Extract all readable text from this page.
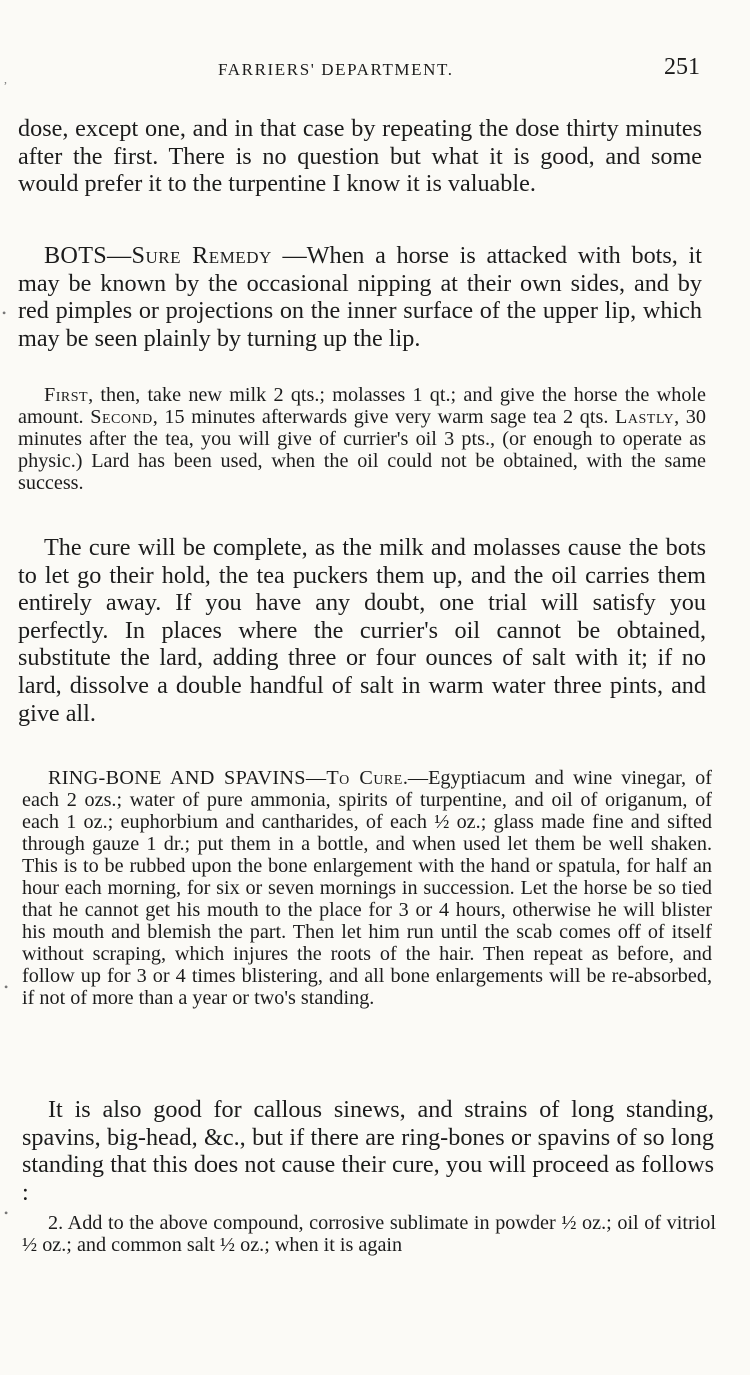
FARRIERS' DEPARTMENT.	251

dose, except one, and in that case by repeating the dose thirty minutes after the first. There is no question but what it is good, and some would prefer it to the turpentine I know it is valuable.

BOTS—Sure Remedy —When a horse is attacked with bots, it may be known by the occasional nipping at their own sides, and by red pimples or projections on the inner surface of the upper lip, which may be seen plainly by turning up the lip.

First, then, take new milk 2 qts.; molasses 1 qt.; and give the horse the whole amount. Second, 15 minutes afterwards give very warm sage tea 2 qts. Lastly, 30 minutes after the tea, you will give of currier's oil 3 pts., (or enough to operate as physic.) Lard has been used, when the oil could not be obtained, with the same success.

The cure will be complete, as the milk and molasses cause the bots to let go their hold, the tea puckers them up, and the oil carries them entirely away. If you have any doubt, one trial will satisfy you perfectly. In places where the currier's oil cannot be obtained, substitute the lard, adding three or four ounces of salt with it; if no lard, dissolve a double handful of salt in warm water three pints, and give all.

RING-BONE AND SPAVINS—To Cure.—Egyptiacum and wine vinegar, of each 2 ozs.; water of pure ammonia, spirits of turpentine, and oil of origanum, of each 1 oz.; euphorbium and cantharides, of each ½ oz.; glass made fine and sifted through gauze 1 dr.; put them in a bottle, and when used let them be well shaken. This is to be rubbed upon the bone enlargement with the hand or spatula, for half an hour each morning, for six or seven mornings in succession. Let the horse be so tied that he cannot get his mouth to the place for 3 or 4 hours, otherwise he will blister his mouth and blemish the part. Then let him run until the scab comes off of itself without scraping, which injures the roots of the hair. Then repeat as before, and follow up for 3 or 4 times blistering, and all bone enlargements will be re-absorbed, if not of more than a year or two's standing.

It is also good for callous sinews, and strains of long standing, spavins, big-head, &c., but if there are ring-bones or spavins of so long standing that this does not cause their cure, you will proceed as follows :

2. Add to the above compound, corrosive sublimate in powder ½ oz.; oil of vitriol ½ oz.; and common salt ½ oz.; when it is again

,
•
•
•
